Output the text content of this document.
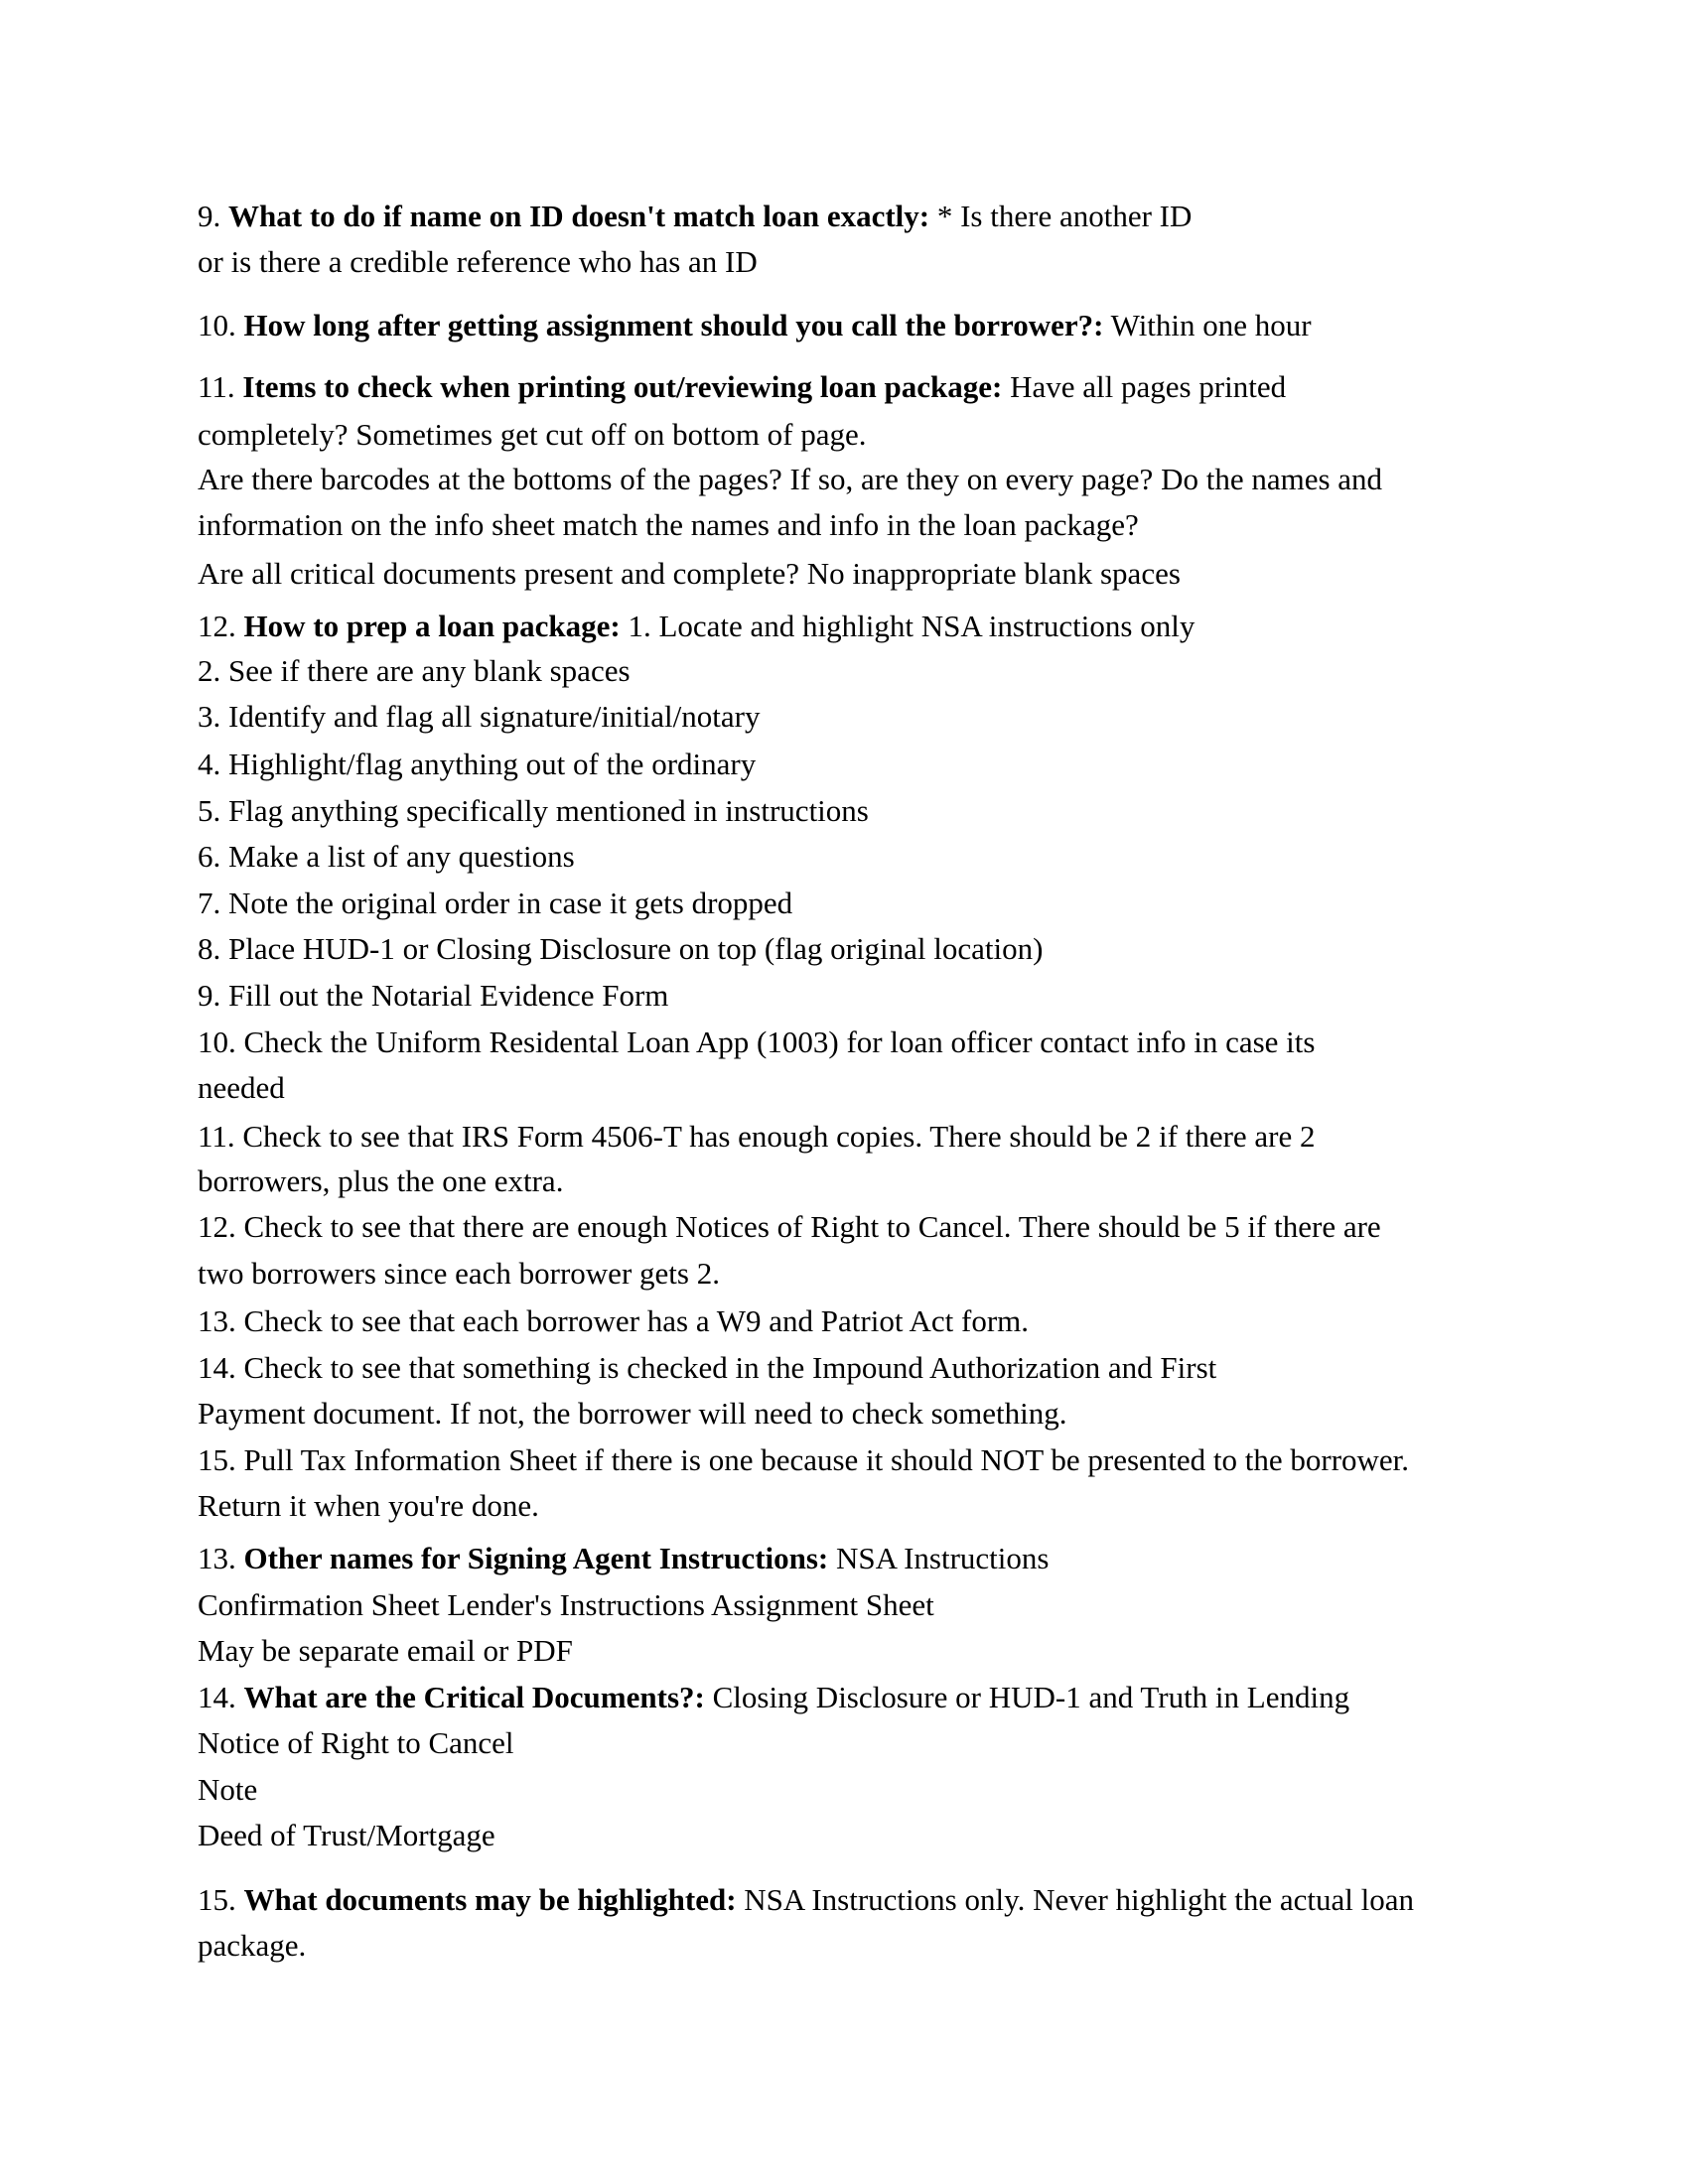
9. What to do if name on ID doesn't match loan exactly: * Is there another ID
or is there a credible reference who has an ID
10. How long after getting assignment should you call the borrower?: Within one hour
11. Items to check when printing out/reviewing loan package: Have all pages printed
completely? Sometimes get cut off on bottom of page.
Are there barcodes at the bottoms of the pages? If so, are they on every page? Do the names and
information on the info sheet match the names and info in the loan package?
Are all critical documents present and complete? No inappropriate blank spaces
12. How to prep a loan package: 1. Locate and highlight NSA instructions only
2. See if there are any blank spaces
3. Identify and flag all signature/initial/notary
4. Highlight/flag anything out of the ordinary
5. Flag anything specifically mentioned in instructions
6. Make a list of any questions
7. Note the original order in case it gets dropped
8. Place HUD-1 or Closing Disclosure on top (flag original location)
9. Fill out the Notarial Evidence Form
10. Check the Uniform Residental Loan App (1003) for loan officer contact info in case its
needed
11. Check to see that IRS Form 4506-T has enough copies. There should be 2 if there are 2
borrowers, plus the one extra.
12. Check to see that there are enough Notices of Right to Cancel. There should be 5 if there are
two borrowers since each borrower gets 2.
13. Check to see that each borrower has a W9 and Patriot Act form.
14. Check to see that something is checked in the Impound Authorization and First
Payment document. If not, the borrower will need to check something.
15. Pull Tax Information Sheet if there is one because it should NOT be presented to the borrower.
Return it when you're done.
13. Other names for Signing Agent Instructions: NSA Instructions
Confirmation Sheet Lender's Instructions Assignment Sheet
May be separate email or PDF
14. What are the Critical Documents?: Closing Disclosure or HUD-1 and Truth in Lending
Notice of Right to Cancel
Note
Deed of Trust/Mortgage
15. What documents may be highlighted: NSA Instructions only. Never highlight the actual loan
package.
